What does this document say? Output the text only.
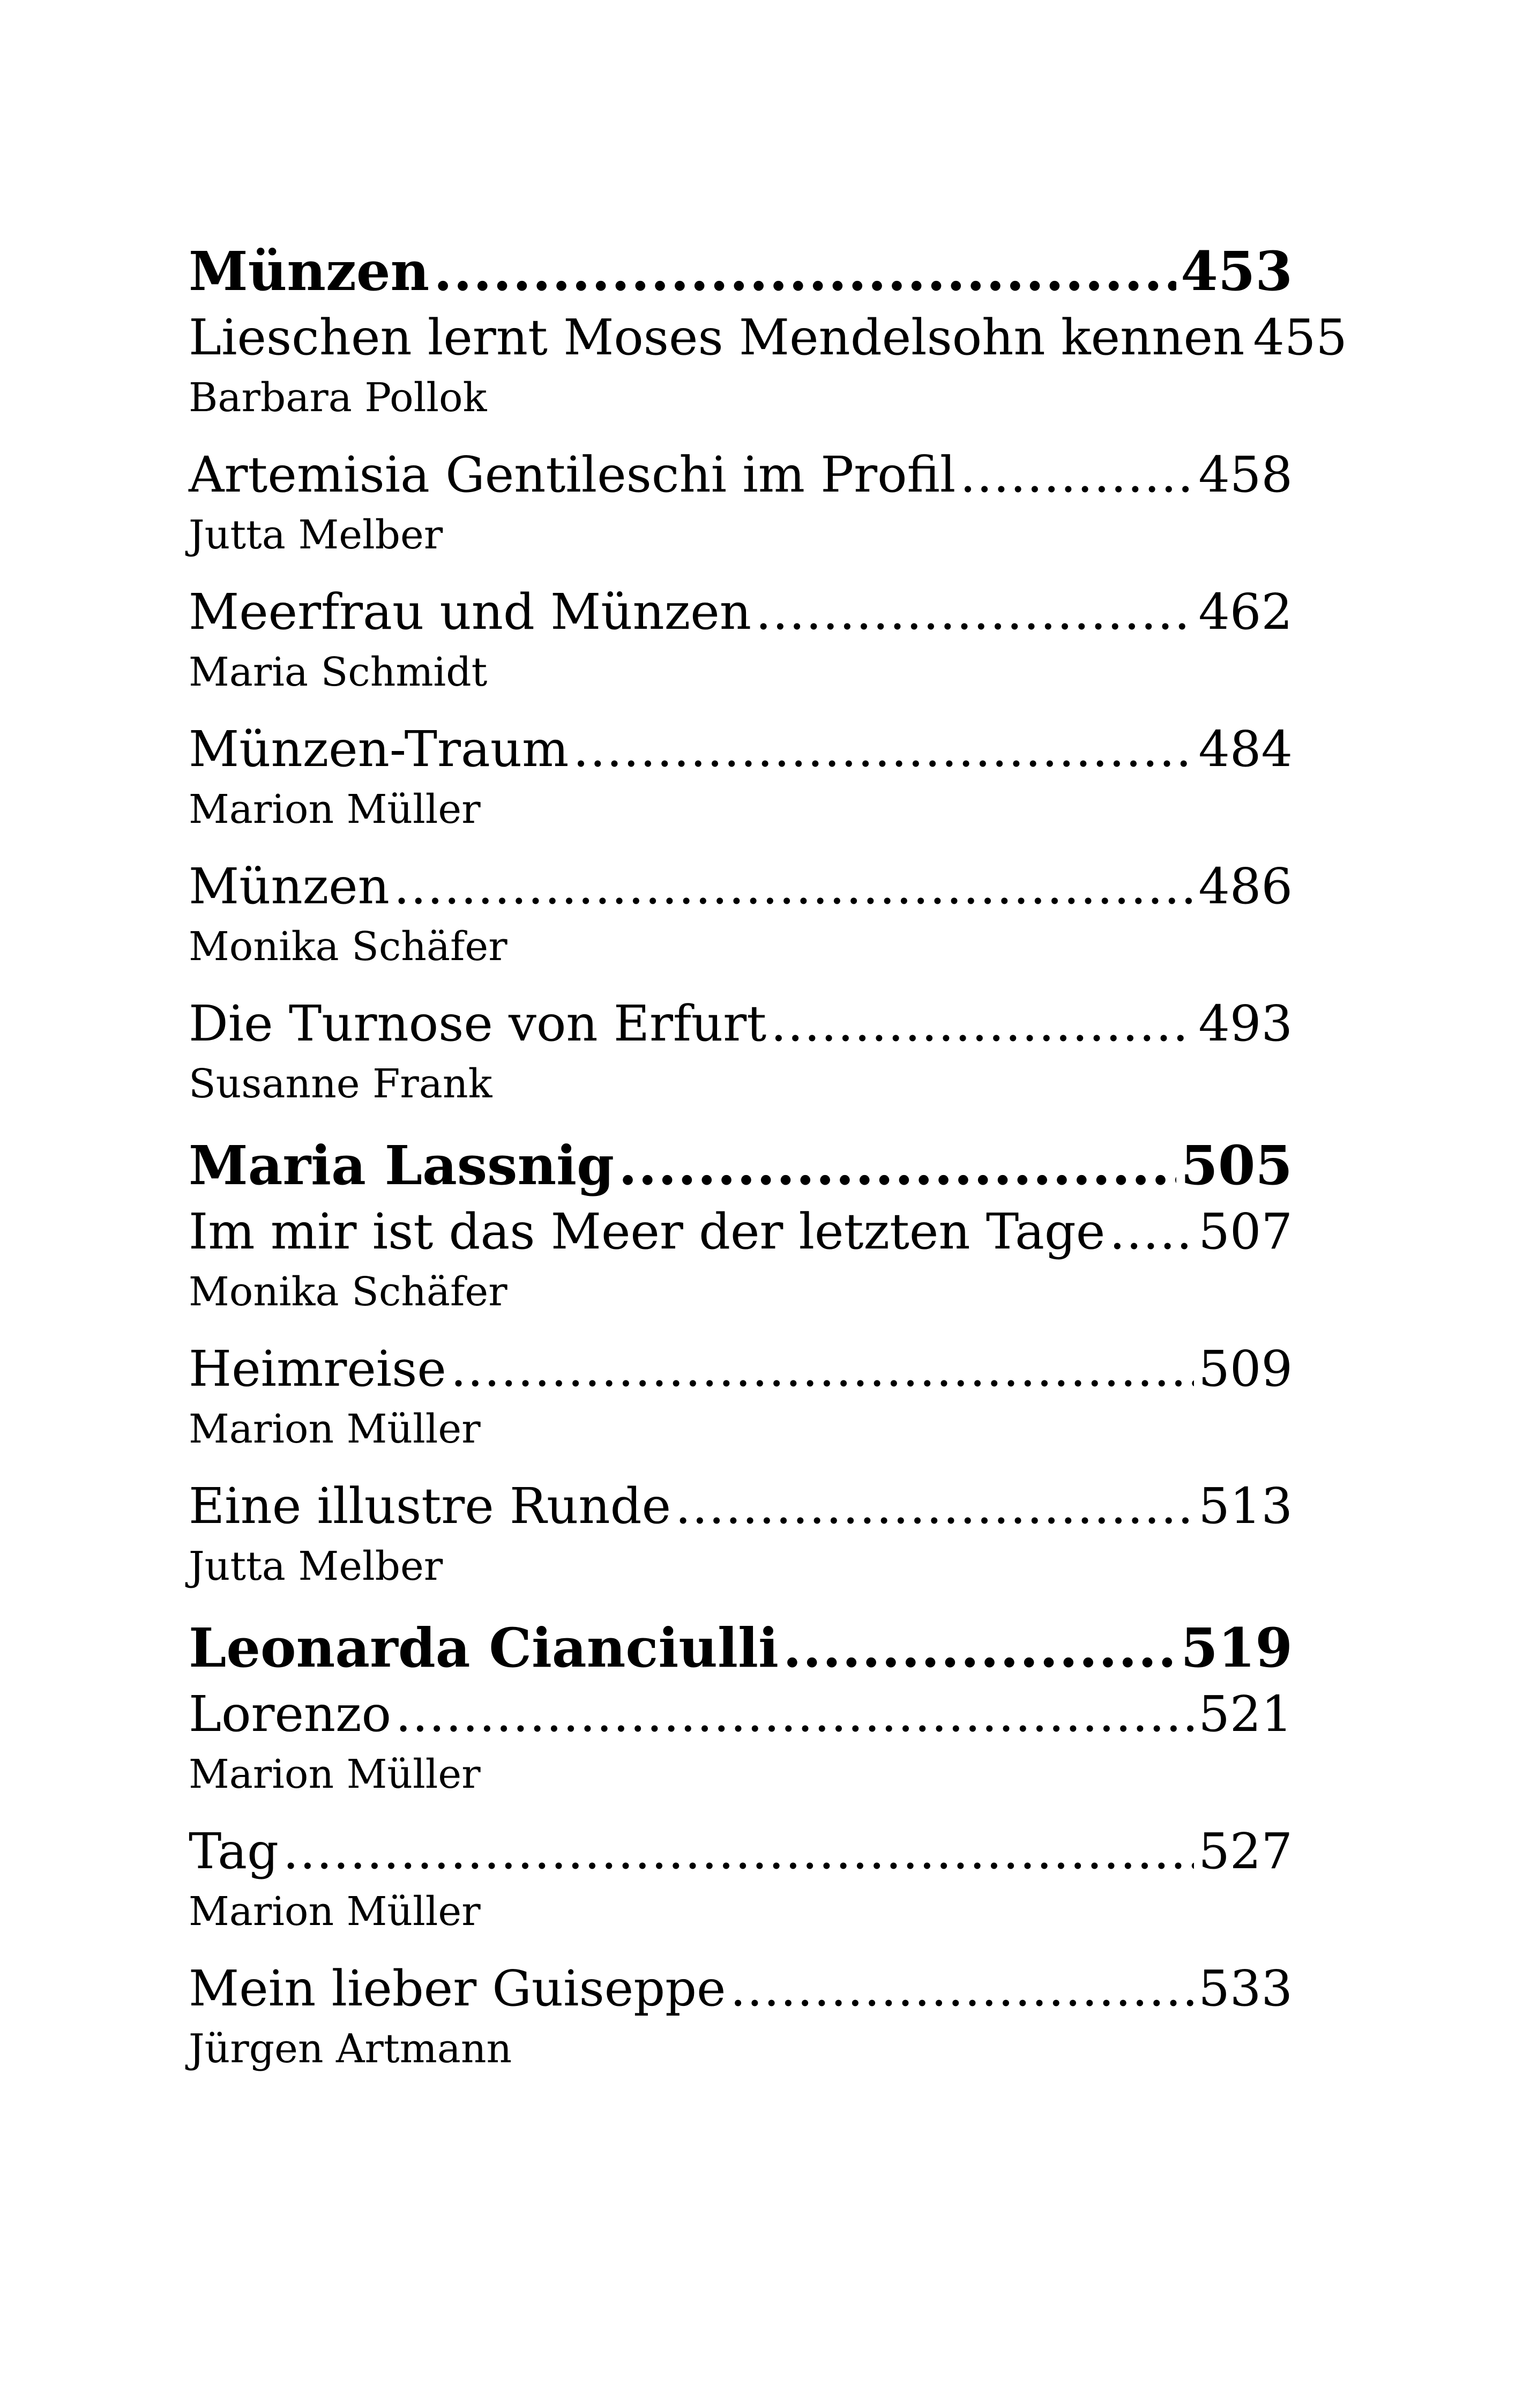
Münzen .....	453
Lieschen lernt Moses Mendelsohn kennen 455
Barbara Pollok
Artemisia Gentileschi im Profil .....	458
Jutta Melber
Meerfrau und Münzen .....	462
Maria Schmidt
Münzen-Traum .....	484
Marion Müller
Münzen .....	486
Monika Schäfer
Die Turnose von Erfurt .....	493
Susanne Frank
Maria Lassnig .....	505
Im mir ist das Meer der letzten Tage ..... 507
Monika Schäfer
Heimreise .....	509
Marion Müller
Eine illustre Runde .....	513
Jutta Melber
Leonarda Cianciulli .....	519
Lorenzo .....	521
Marion Müller
Tag .....	527
Marion Müller
Mein lieber Guiseppe .....	533
Jürgen Artmann
